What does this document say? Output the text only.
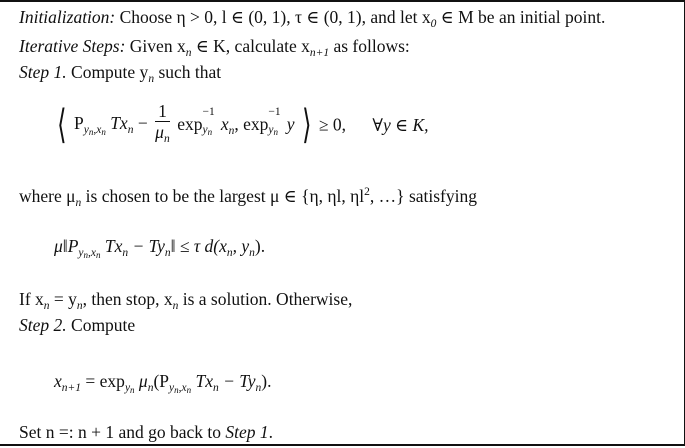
Initialization: Choose η > 0, l ∈ (0, 1), τ ∈ (0, 1), and let $x_0$ ∈ M be an initial point.
Iterative Steps: Given $x_n$ ∈ K, calculate $x_{n+1}$ as follows:
Step 1. Compute $y_n$ such that
⟨ $P_{yn,xn}$ $Tx_n - \frac{1}{\mu_n}$ exp
−1
yn $x_n$, exp
−1
yn y ⟩ ≥ 0, ∀y ∈ K,
where $\mu_n$ is chosen to be the largest μ ∈ {η, ηl, $\eta l^2$, …} satisfying
$\mu‖P_{yn,xn}$ $Tx_n$ − $Ty_n‖ \le \tau$ $d(x_n$, $y_n$).
If $x_n = y_n$, then stop, $x_n$ is a solution. Otherwise,
Step 2. Compute
$x_{n+1} = \exp_{yn} \mu_n(P_{yn,xn}$ $Tx_n - Ty_n$).
Set n =: n + 1 and go back to Step 1.
